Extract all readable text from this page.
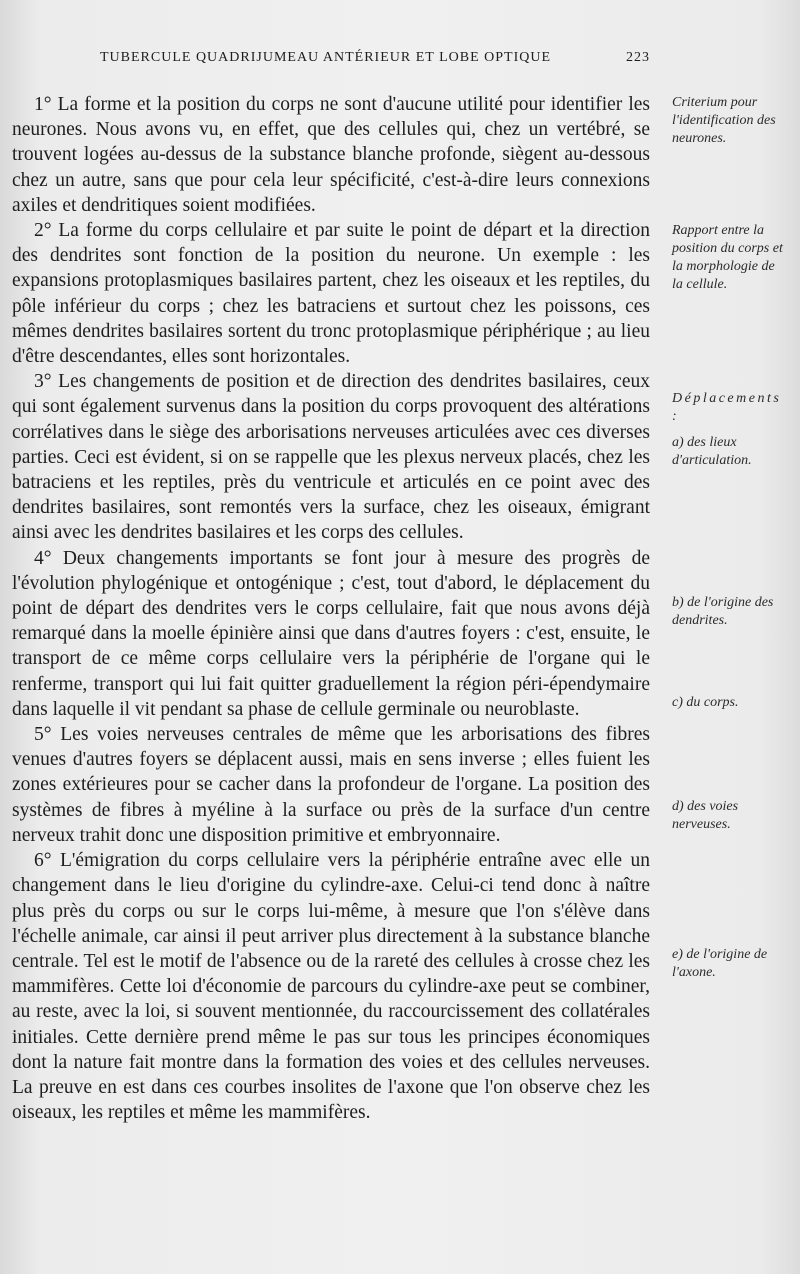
TUBERCULE QUADRIJUMEAU ANTÉRIEUR ET LOBE OPTIQUE	223

1° La forme et la position du corps ne sont d'aucune utilité pour identifier les neurones. Nous avons vu, en effet, que des cellules qui, chez un vertébré, se trouvent logées au-dessus de la substance blanche profonde, siègent au-dessous chez un autre, sans que pour cela leur spécificité, c'est-à-dire leurs connexions axiles et dendritiques soient modifiées.

2° La forme du corps cellulaire et par suite le point de départ et la direction des dendrites sont fonction de la position du neurone. Un exemple : les expansions protoplasmiques basilaires partent, chez les oiseaux et les reptiles, du pôle inférieur du corps ; chez les batraciens et surtout chez les poissons, ces mêmes dendrites basilaires sortent du tronc protoplasmique périphérique ; au lieu d'être descendantes, elles sont horizontales.

3° Les changements de position et de direction des dendrites basilaires, ceux qui sont également survenus dans la position du corps provoquent des altérations corrélatives dans le siège des arborisations nerveuses articulées avec ces diverses parties. Ceci est évident, si on se rappelle que les plexus nerveux placés, chez les batraciens et les reptiles, près du ventricule et articulés en ce point avec des dendrites basilaires, sont remontés vers la surface, chez les oiseaux, émigrant ainsi avec les dendrites basilaires et les corps des cellules.

4° Deux changements importants se font jour à mesure des progrès de l'évolution phylogénique et ontogénique ; c'est, tout d'abord, le déplacement du point de départ des dendrites vers le corps cellulaire, fait que nous avons déjà remarqué dans la moelle épinière ainsi que dans d'autres foyers : c'est, ensuite, le transport de ce même corps cellulaire vers la périphérie de l'organe qui le renferme, transport qui lui fait quitter graduellement la région péri-épendymaire dans laquelle il vit pendant sa phase de cellule germinale ou neuroblaste.

5° Les voies nerveuses centrales de même que les arborisations des fibres venues d'autres foyers se déplacent aussi, mais en sens inverse ; elles fuient les zones extérieures pour se cacher dans la profondeur de l'organe. La position des systèmes de fibres à myéline à la surface ou près de la surface d'un centre nerveux trahit donc une disposition primitive et embryonnaire.

6° L'émigration du corps cellulaire vers la périphérie entraîne avec elle un changement dans le lieu d'origine du cylindre-axe. Celui-ci tend donc à naître plus près du corps ou sur le corps lui-même, à mesure que l'on s'élève dans l'échelle animale, car ainsi il peut arriver plus directement à la substance blanche centrale. Tel est le motif de l'absence ou de la rareté des cellules à crosse chez les mammifères. Cette loi d'économie de parcours du cylindre-axe peut se combiner, au reste, avec la loi, si souvent mentionnée, du raccourcissement des collatérales initiales. Cette dernière prend même le pas sur tous les principes économiques dont la nature fait montre dans la formation des voies et des cellules nerveuses. La preuve en est dans ces courbes insolites de l'axone que l'on observe chez les oiseaux, les reptiles et même les mammifères.

Criterium pour l'identification des neurones.
Rapport entre la position du corps et la morphologie de la cellule.
Déplacements :
a) des lieux d'articulation.
b) de l'origine des dendrites.
c) du corps.
d) des voies nerveuses.
e) de l'origine de l'axone.
